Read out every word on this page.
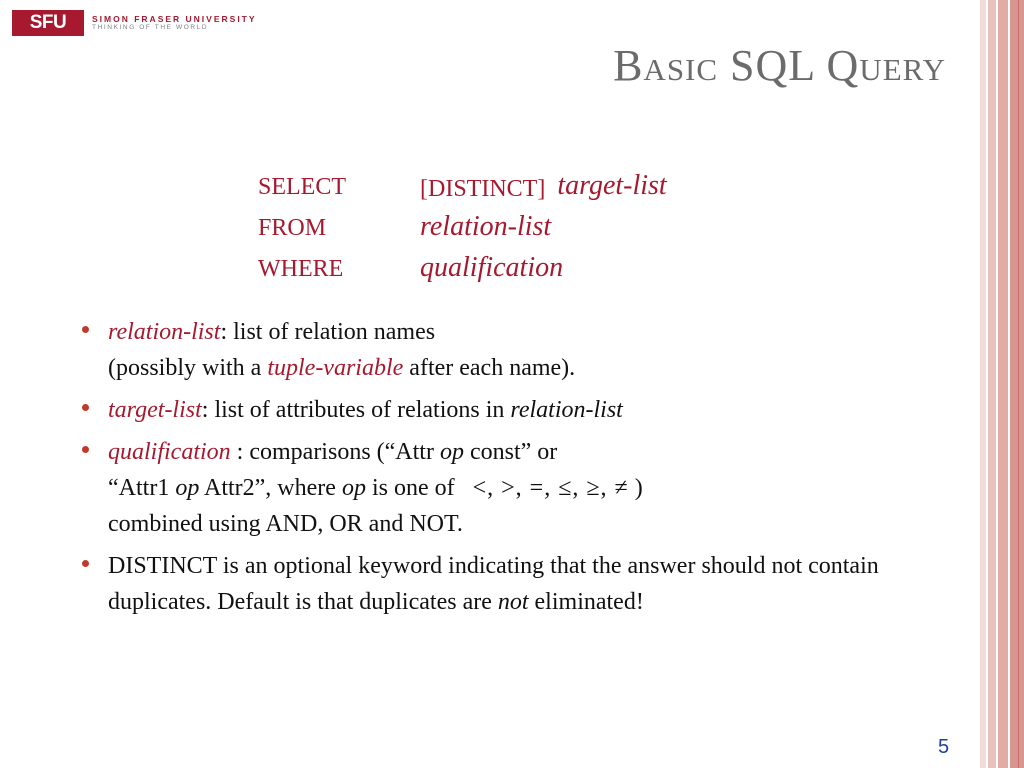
SFU	SIMON FRASER UNIVERSITY
THINKING OF THE WORLD
Basic SQL Query
SELECT	[DISTINCT] target-list
FROM	relation-list
WHERE	qualification
relation-list: list of relation names
(possibly with a tuple-variable after each name).
target-list: list of attributes of relations in relation-list
qualification : comparisons (“Attr op const” or
“Attr1 op Attr2”, where op is one of   <, >, =, ≤, ≥, ≠ )
combined using AND, OR and NOT.
DISTINCT is an optional keyword indicating that the answer should not contain duplicates. Default is that duplicates are not eliminated!
5
